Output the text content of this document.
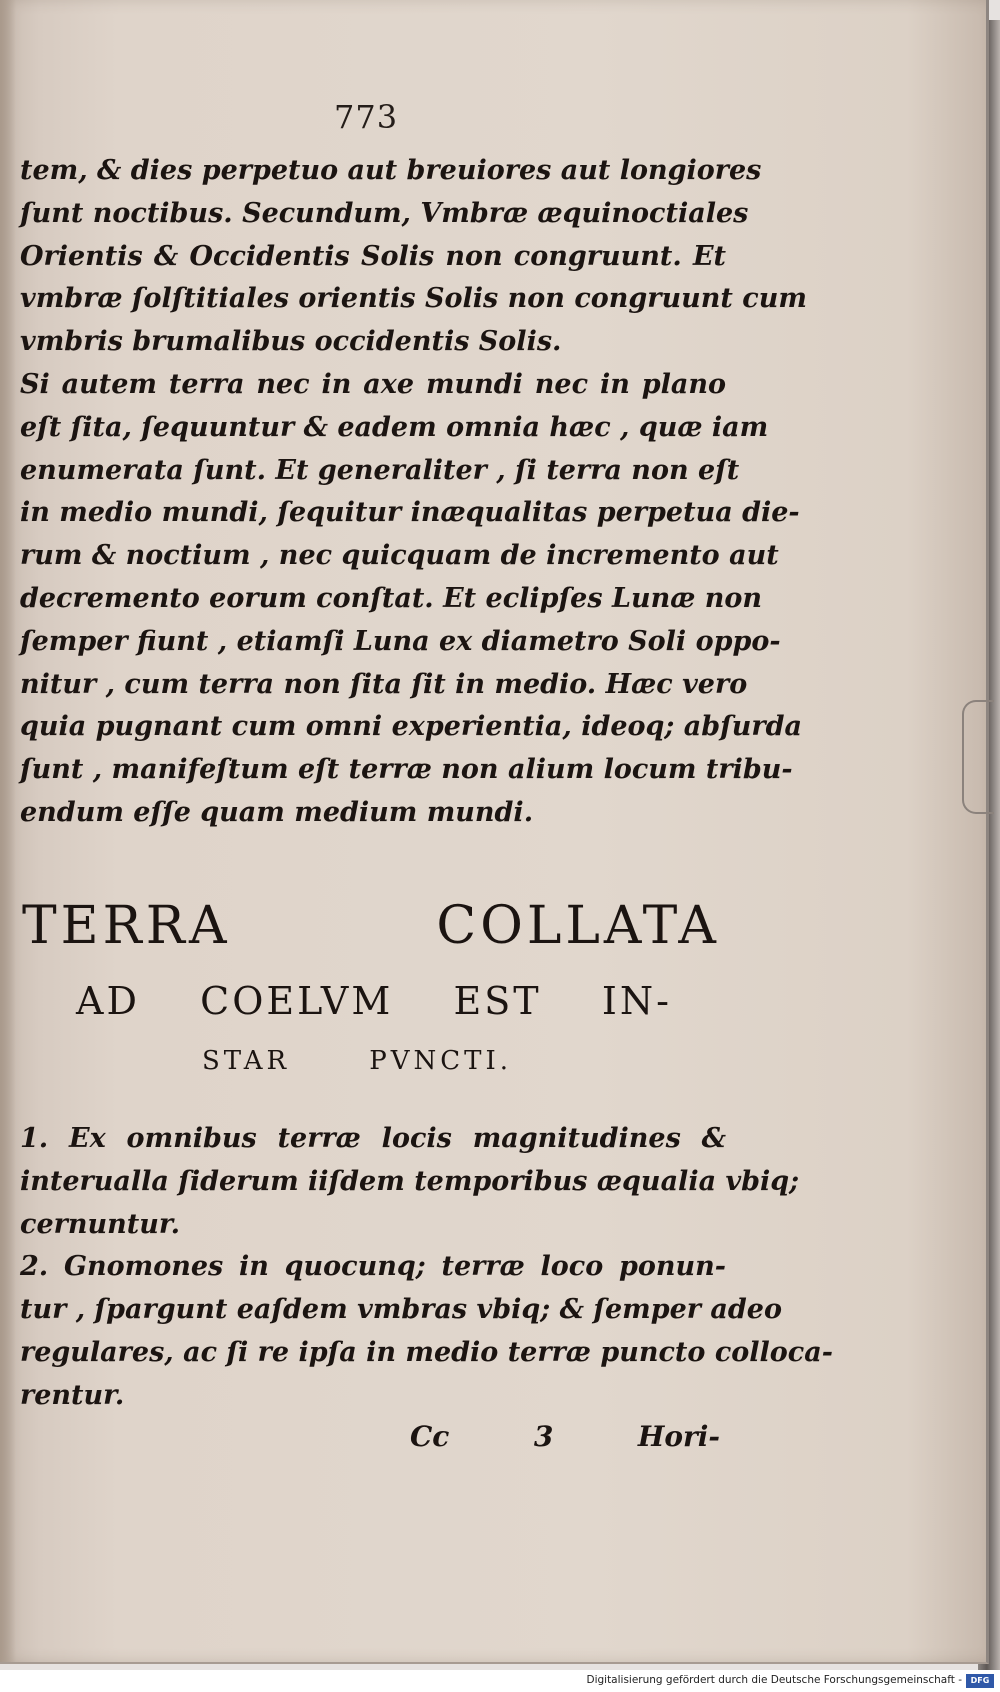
773

tem, & dies perpetuo aut breuiores aut longiores
ſunt noctibus. Secundum, Vmbræ æquinoctiales
Orientis & Occidentis Solis non congruunt. Et
vmbræ ſolſtitiales orientis Solis non congruunt cum
vmbris brumalibus occidentis Solis.
Si autem terra nec in axe mundi nec in plano
eſt ſita, ſequuntur & eadem omnia hæc , quæ iam
enumerata ſunt. Et generaliter , ſi terra non eſt
in medio mundi, ſequitur inæqualitas perpetua die-
rum & noctium , nec quicquam de incremento aut
decremento eorum conſtat. Et eclipſes Lunæ non
ſemper fiunt , etiamſi Luna ex diametro Soli oppo-
nitur , cum terra non ſita ſit in medio. Hæc vero
quia pugnant cum omni experientia, ideoq; abſurda
ſunt , manifeſtum eſt terræ non alium locum tribu-
endum eſſe quam medium mundi.
TERRA COLLATA
AD COELVM EST IN-
STAR PVNCTI.
1. Ex omnibus terræ locis magnitudines &
interualla ſiderum iiſdem temporibus æqualia vbiq;
cernuntur.
2. Gnomones in quocunq; terræ loco ponun-
tur , ſpargunt eaſdem vmbras vbiq; & ſemper adeo
regulares, ac ſi re ipſa in medio terræ puncto colloca-
rentur.
Cc	3	Hori-
Digitalisierung gefördert durch die Deutsche Forschungsgemeinschaft -	DFG
